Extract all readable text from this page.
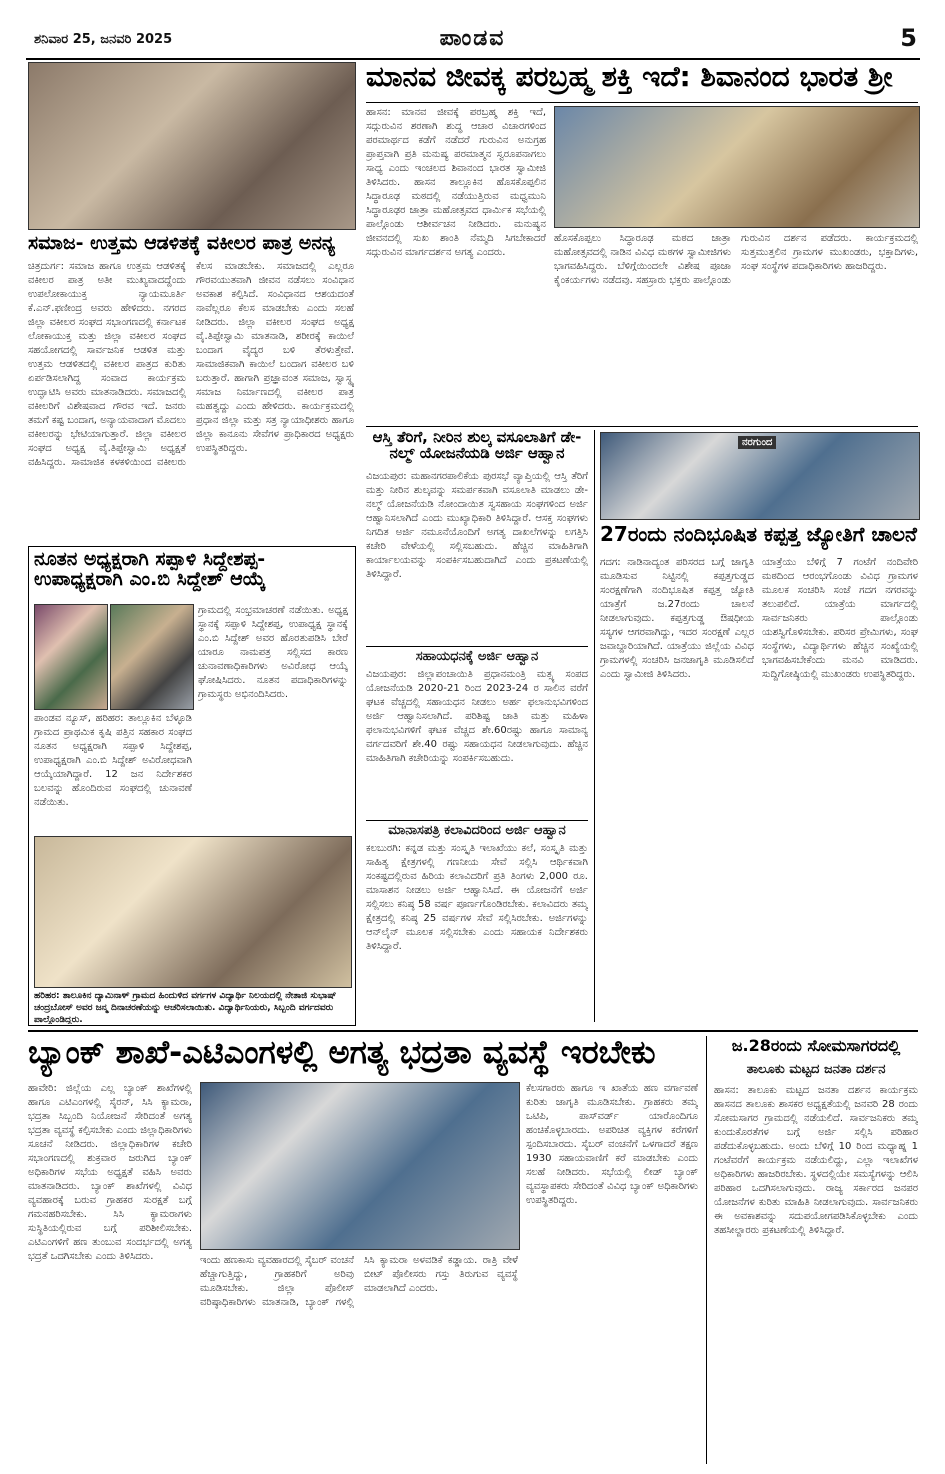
ಶನಿವಾರ 25, ಜನವರಿ 2025	ಪಾಂಡವ	5
ಸಮಾಜ- ಉತ್ತಮ ಆಡಳಿತಕ್ಕೆ ವಕೀಲರ ಪಾತ್ರ ಅನನ್ಯ
ಚಿತ್ರದುರ್ಗ: ಸಮಾಜ ಹಾಗೂ ಉತ್ತಮ ಆಡಳಿತಕ್ಕೆ ವಕೀಲರ ಪಾತ್ರ ಅತೀ ಮುಖ್ಯವಾದದ್ದೆಂದು ಉಪಲೋಕಾಯುಕ್ತ ನ್ಯಾಯಮೂರ್ತಿ ಕೆ.ಎನ್.ಫಣೀಂದ್ರ ಅವರು ಹೇಳಿದರು. ನಗರದ ಜಿಲ್ಲಾ ವಕೀಲರ ಸಂಘದ ಸಭಾಂಗಣದಲ್ಲಿ ಕರ್ನಾಟಕ ಲೋಕಾಯುಕ್ತ ಮತ್ತು ಜಿಲ್ಲಾ ವಕೀಲರ ಸಂಘದ ಸಹಯೋಗದಲ್ಲಿ ಸಾರ್ವಜನಿಕ ಆಡಳಿತ ಮತ್ತು ಉತ್ತಮ ಆಡಳಿತದಲ್ಲಿ ವಕೀಲರ ಪಾತ್ರದ ಕುರಿತು ಏರ್ಪಡಿಸಲಾಗಿದ್ದ ಸಂವಾದ ಕಾರ್ಯಕ್ರಮ ಉದ್ಘಾಟಿಸಿ ಅವರು ಮಾತನಾಡಿದರು. ಸಮಾಜದಲ್ಲಿ ವಕೀಲರಿಗೆ ವಿಶೇಷವಾದ ಗೌರವ ಇದೆ. ಜನರು ತಮಗೆ ಕಷ್ಟ ಬಂದಾಗ, ಅನ್ಯಾಯವಾದಾಗ ಮೊದಲು ವಕೀಲರನ್ನು ಭೇಟಿಯಾಗುತ್ತಾರೆ. ಜಿಲ್ಲಾ ವಕೀಲರ ಸಂಘದ ಅಧ್ಯಕ್ಷ ವೈ.ತಿಪ್ಪೇಸ್ವಾಮಿ ಅಧ್ಯಕ್ಷತೆ ವಹಿಸಿದ್ದರು. ಸಾಮಾಜಿಕ ಕಳಕಳಿಯಿಂದ ವಕೀಲರು ಕೆಲಸ ಮಾಡಬೇಕು. ಸಮಾಜದಲ್ಲಿ ಎಲ್ಲರೂ ಗೌರವಯುತವಾಗಿ ಜೀವನ ನಡೆಸಲು ಸಂವಿಧಾನ ಅವಕಾಶ ಕಲ್ಪಿಸಿದೆ. ಸಂವಿಧಾನದ ಆಶಯದಂತೆ ನಾವೆಲ್ಲರೂ ಕೆಲಸ ಮಾಡಬೇಕು ಎಂದು ಸಲಹೆ ನೀಡಿದರು. ಜಿಲ್ಲಾ ವಕೀಲರ ಸಂಘದ ಅಧ್ಯಕ್ಷ ವೈ.ತಿಪ್ಪೇಸ್ವಾಮಿ ಮಾತನಾಡಿ, ಶರೀರಕ್ಕೆ ಕಾಯಿಲೆ ಬಂದಾಗ ವೈದ್ಯರ ಬಳಿ ತೆರಳುತ್ತೇವೆ. ಸಾಮಾಜಿಕವಾಗಿ ಕಾಯಿಲೆ ಬಂದಾಗ ವಕೀಲರ ಬಳಿ ಬರುತ್ತಾರೆ. ಹಾಗಾಗಿ ಪ್ರಜ್ಞಾವಂತ ಸಮಾಜ, ಸ್ವಾಸ್ಥ್ಯ ಸಮಾಜ ನಿರ್ಮಾಣದಲ್ಲಿ ವಕೀಲರ ಪಾತ್ರ ಮಹತ್ವದ್ದು ಎಂದು ಹೇಳಿದರು. ಕಾರ್ಯಕ್ರಮದಲ್ಲಿ ಪ್ರಧಾನ ಜಿಲ್ಲಾ ಮತ್ತು ಸತ್ರ ನ್ಯಾಯಾಧೀಶರು ಹಾಗೂ ಜಿಲ್ಲಾ ಕಾನೂನು ಸೇವೆಗಳ ಪ್ರಾಧಿಕಾರದ ಅಧ್ಯಕ್ಷರು ಉಪಸ್ಥಿತರಿದ್ದರು.
ಮಾನವ ಜೀವಕ್ಕ ಪರಬ್ರಹ್ಮ ಶಕ್ತಿ ಇದೆ: ಶಿವಾನಂದ ಭಾರತ ಶ್ರೀ
ಹಾಸನ: ಮಾನವ ಜೀವಕ್ಕೆ ಪರಬ್ರಹ್ಮ ಶಕ್ತಿ ಇದೆ, ಸದ್ಗುರುವಿನ ಶರಣಾಗಿ ಶುದ್ಧ ಆಚಾರ ವಿಚಾರಗಳಿಂದ ಪರಮಾರ್ಥದ ಕಡೆಗೆ ನಡೆದರೆ ಗುರುವಿನ ಅನುಗ್ರಹ ಪ್ರಾಪ್ತವಾಗಿ ಪ್ರತಿ ಮನುಷ್ಯ ಪರಮಾತ್ಮನ ಸ್ವರೂಪನಾಗಲು ಸಾಧ್ಯ ಎಂದು ಇಂಚಲದ ಶಿವಾನಂದ ಭಾರತ ಸ್ವಾಮೀಜಿ ತಿಳಿಸಿದರು. ಹಾಸನ ತಾಲ್ಲೂಕಿನ ಹೊಸಕೊಪ್ಪಲಿನ ಸಿದ್ಧಾರೂಢ ಮಠದಲ್ಲಿ ನಡೆಯುತ್ತಿರುವ ಮಧ್ವಮುನಿ ಸಿದ್ಧಾರೂಢರ ಜಾತ್ರಾ ಮಹೋತ್ಸವದ ಧಾರ್ಮಿಕ ಸಭೆಯಲ್ಲಿ ಪಾಲ್ಗೊಂಡು ಆಶೀರ್ವಚನ ನೀಡಿದರು. ಮನುಷ್ಯನ ಜೀವನದಲ್ಲಿ ಸುಖ ಶಾಂತಿ ನೆಮ್ಮದಿ ಸಿಗಬೇಕಾದರೆ ಸದ್ಗುರುವಿನ ಮಾರ್ಗದರ್ಶನ ಅಗತ್ಯ ಎಂದರು.
ಹೊಸಕೊಪ್ಪಲು ಸಿದ್ಧಾರೂಢ ಮಠದ ಜಾತ್ರಾ ಮಹೋತ್ಸವದಲ್ಲಿ ನಾಡಿನ ವಿವಿಧ ಮಠಗಳ ಸ್ವಾಮೀಜಿಗಳು ಭಾಗವಹಿಸಿದ್ದರು. ಬೆಳಿಗ್ಗೆಯಿಂದಲೇ ವಿಶೇಷ ಪೂಜಾ ಕೈಂಕರ್ಯಗಳು ನಡೆದವು. ಸಹಸ್ರಾರು ಭಕ್ತರು ಪಾಲ್ಗೊಂಡು ಗುರುವಿನ ದರ್ಶನ ಪಡೆದರು. ಕಾರ್ಯಕ್ರಮದಲ್ಲಿ ಸುತ್ತಮುತ್ತಲಿನ ಗ್ರಾಮಗಳ ಮುಖಂಡರು, ಭಕ್ತಾದಿಗಳು, ಸಂಘ ಸಂಸ್ಥೆಗಳ ಪದಾಧಿಕಾರಿಗಳು ಹಾಜರಿದ್ದರು.
ಆಸ್ತಿ ತೆರಿಗೆ, ನೀರಿನ ಶುಲ್ಕ ವಸೂಲಾತಿಗೆ ಡೇ-ನಲ್ಮ್ ಯೋಜನೆಯಡಿ ಅರ್ಜಿ ಆಹ್ವಾನ
ವಿಜಯಪುರ: ಮಹಾನಗರಪಾಲಿಕೆಯ ಪುರಸಭೆ ವ್ಯಾಪ್ತಿಯಲ್ಲಿ ಆಸ್ತಿ ತೆರಿಗೆ ಮತ್ತು ನೀರಿನ ಶುಲ್ಕವನ್ನು ಸಮರ್ಪಕವಾಗಿ ವಸೂಲಾತಿ ಮಾಡಲು ಡೇ-ನಲ್ಮ್ ಯೋಜನೆಯಡಿ ನೋಂದಾಯಿತ ಸ್ವಸಹಾಯ ಸಂಘಗಳಿಂದ ಅರ್ಜಿ ಆಹ್ವಾನಿಸಲಾಗಿದೆ ಎಂದು ಮುಖ್ಯಾಧಿಕಾರಿ ತಿಳಿಸಿದ್ದಾರೆ. ಆಸಕ್ತ ಸಂಘಗಳು ನಿಗದಿತ ಅರ್ಜಿ ನಮೂನೆಯೊಂದಿಗೆ ಅಗತ್ಯ ದಾಖಲೆಗಳನ್ನು ಲಗತ್ತಿಸಿ ಕಚೇರಿ ವೇಳೆಯಲ್ಲಿ ಸಲ್ಲಿಸಬಹುದು. ಹೆಚ್ಚಿನ ಮಾಹಿತಿಗಾಗಿ ಕಾರ್ಯಾಲಯವನ್ನು ಸಂಪರ್ಕಿಸಬಹುದಾಗಿದೆ ಎಂದು ಪ್ರಕಟಣೆಯಲ್ಲಿ ತಿಳಿಸಿದ್ದಾರೆ.
ಸಹಾಯಧನಕ್ಕೆ ಅರ್ಜಿ ಆಹ್ವಾನ
ವಿಜಯಪುರ: ಜಿಲ್ಲಾಪಂಚಾಯಿತಿ ಪ್ರಧಾನಮಂತ್ರಿ ಮತ್ಸ್ಯ ಸಂಪದ ಯೋಜನೆಯಡಿ 2020-21 ರಿಂದ 2023-24 ರ ಸಾಲಿನ ವರೆಗೆ ಘಟಕ ವೆಚ್ಚದಲ್ಲಿ ಸಹಾಯಧನ ನೀಡಲು ಅರ್ಹ ಫಲಾನುಭವಿಗಳಿಂದ ಅರ್ಜಿ ಆಹ್ವಾನಿಸಲಾಗಿದೆ. ಪರಿಶಿಷ್ಟ ಜಾತಿ ಮತ್ತು ಮಹಿಳಾ ಫಲಾನುಭವಿಗಳಿಗೆ ಘಟಕ ವೆಚ್ಚದ ಶೇ.60ರಷ್ಟು ಹಾಗೂ ಸಾಮಾನ್ಯ ವರ್ಗದವರಿಗೆ ಶೇ.40 ರಷ್ಟು ಸಹಾಯಧನ ನೀಡಲಾಗುವುದು. ಹೆಚ್ಚಿನ ಮಾಹಿತಿಗಾಗಿ ಕಚೇರಿಯನ್ನು ಸಂಪರ್ಕಿಸಬಹುದು.
ಮಾನಾಸಪತ್ರಿ ಕಲಾವಿದರಿಂದ ಅರ್ಜಿ ಆಹ್ವಾನ
ಕಲಬುರಗಿ: ಕನ್ನಡ ಮತ್ತು ಸಂಸ್ಕೃತಿ ಇಲಾಖೆಯು ಕಲೆ, ಸಂಸ್ಕೃತಿ ಮತ್ತು ಸಾಹಿತ್ಯ ಕ್ಷೇತ್ರಗಳಲ್ಲಿ ಗಣನೀಯ ಸೇವೆ ಸಲ್ಲಿಸಿ ಆರ್ಥಿಕವಾಗಿ ಸಂಕಷ್ಟದಲ್ಲಿರುವ ಹಿರಿಯ ಕಲಾವಿದರಿಗೆ ಪ್ರತಿ ತಿಂಗಳು 2,000 ರೂ. ಮಾಸಾಶನ ನೀಡಲು ಅರ್ಜಿ ಆಹ್ವಾನಿಸಿದೆ. ಈ ಯೋಜನೆಗೆ ಅರ್ಜಿ ಸಲ್ಲಿಸಲು ಕನಿಷ್ಠ 58 ವರ್ಷ ಪೂರ್ಣಗೊಂಡಿರಬೇಕು. ಕಲಾವಿದರು ತಮ್ಮ ಕ್ಷೇತ್ರದಲ್ಲಿ ಕನಿಷ್ಠ 25 ವರ್ಷಗಳ ಸೇವೆ ಸಲ್ಲಿಸಿರಬೇಕು. ಅರ್ಜಿಗಳನ್ನು ಆನ್‌ಲೈನ್ ಮೂಲಕ ಸಲ್ಲಿಸಬೇಕು ಎಂದು ಸಹಾಯಕ ನಿರ್ದೇಶಕರು ತಿಳಿಸಿದ್ದಾರೆ.
ನರಗುಂದ
27ರಂದು ನಂದಿಭೂಷಿತ ಕಪ್ಪತ್ತ ಜ್ಯೋತಿಗೆ ಚಾಲನೆ
ಗದಗ: ನಾಡಿನಾದ್ಯಂತ ಪರಿಸರದ ಬಗ್ಗೆ ಜಾಗೃತಿ ಮೂಡಿಸುವ ನಿಟ್ಟಿನಲ್ಲಿ ಕಪ್ಪತ್ತಗುಡ್ಡದ ಸಂರಕ್ಷಣೆಗಾಗಿ ನಂದಿಭೂಷಿತ ಕಪ್ಪತ್ತ ಜ್ಯೋತಿ ಯಾತ್ರೆಗೆ ಜ.27ರಂದು ಚಾಲನೆ ನೀಡಲಾಗುವುದು. ಕಪ್ಪತ್ತಗುಡ್ಡ ಔಷಧೀಯ ಸಸ್ಯಗಳ ಆಗರವಾಗಿದ್ದು, ಇದರ ಸಂರಕ್ಷಣೆ ಎಲ್ಲರ ಜವಾಬ್ದಾರಿಯಾಗಿದೆ. ಯಾತ್ರೆಯು ಜಿಲ್ಲೆಯ ವಿವಿಧ ಗ್ರಾಮಗಳಲ್ಲಿ ಸಂಚರಿಸಿ ಜನಜಾಗೃತಿ ಮೂಡಿಸಲಿದೆ ಎಂದು ಸ್ವಾಮೀಜಿ ತಿಳಿಸಿದರು.
ಯಾತ್ರೆಯು ಬೆಳಿಗ್ಗೆ 7 ಗಂಟೆಗೆ ನಂದಿವೇರಿ ಮಠದಿಂದ ಆರಂಭಗೊಂಡು ವಿವಿಧ ಗ್ರಾಮಗಳ ಮೂಲಕ ಸಂಚರಿಸಿ ಸಂಜೆ ಗದಗ ನಗರವನ್ನು ತಲುಪಲಿದೆ. ಯಾತ್ರೆಯ ಮಾರ್ಗದಲ್ಲಿ ಸಾರ್ವಜನಿಕರು ಪಾಲ್ಗೊಂಡು ಯಶಸ್ವಿಗೊಳಿಸಬೇಕು. ಪರಿಸರ ಪ್ರೇಮಿಗಳು, ಸಂಘ ಸಂಸ್ಥೆಗಳು, ವಿದ್ಯಾರ್ಥಿಗಳು ಹೆಚ್ಚಿನ ಸಂಖ್ಯೆಯಲ್ಲಿ ಭಾಗವಹಿಸಬೇಕೆಂದು ಮನವಿ ಮಾಡಿದರು. ಸುದ್ದಿಗೋಷ್ಠಿಯಲ್ಲಿ ಮುಖಂಡರು ಉಪಸ್ಥಿತರಿದ್ದರು.
ನೂತನ ಅಧ್ಯಕ್ಷರಾಗಿ ಸಪ್ಪಾಳಿ ಸಿದ್ದೇಶಪ್ಪ- ಉಪಾಧ್ಯಕ್ಷರಾಗಿ ಎಂ.ಬಿ ಸಿದ್ದೇಶ್ ಆಯ್ಕೆ
ಪಾಂಡವ ನ್ಯೂಸ್, ಹರಿಹರ: ತಾಲ್ಲೂಕಿನ ಬೆಳ್ಳೂಡಿ ಗ್ರಾಮದ ಪ್ರಾಥಮಿಕ ಕೃಷಿ ಪತ್ತಿನ ಸಹಕಾರ ಸಂಘದ ನೂತನ ಅಧ್ಯಕ್ಷರಾಗಿ ಸಪ್ಪಾಳಿ ಸಿದ್ದೇಶಪ್ಪ, ಉಪಾಧ್ಯಕ್ಷರಾಗಿ ಎಂ.ಬಿ ಸಿದ್ದೇಶ್ ಅವಿರೋಧವಾಗಿ ಆಯ್ಕೆಯಾಗಿದ್ದಾರೆ. 12 ಜನ ನಿರ್ದೇಶಕರ ಬಲವನ್ನು ಹೊಂದಿರುವ ಸಂಘದಲ್ಲಿ ಚುನಾವಣೆ ನಡೆಯಿತು.
ಗ್ರಾಮದಲ್ಲಿ ಸಂಭ್ರಮಾಚರಣೆ ನಡೆಯಿತು. ಅಧ್ಯಕ್ಷ ಸ್ಥಾನಕ್ಕೆ ಸಪ್ಪಾಳಿ ಸಿದ್ದೇಶಪ್ಪ, ಉಪಾಧ್ಯಕ್ಷ ಸ್ಥಾನಕ್ಕೆ ಎಂ.ಬಿ ಸಿದ್ದೇಶ್ ಅವರ ಹೊರತುಪಡಿಸಿ ಬೇರೆ ಯಾರೂ ನಾಮಪತ್ರ ಸಲ್ಲಿಸದ ಕಾರಣ ಚುನಾವಣಾಧಿಕಾರಿಗಳು ಅವಿರೋಧ ಆಯ್ಕೆ ಘೋಷಿಸಿದರು. ನೂತನ ಪದಾಧಿಕಾರಿಗಳನ್ನು ಗ್ರಾಮಸ್ಥರು ಅಭಿನಂದಿಸಿದರು.
ಹರಿಹರ: ತಾಲೂಕಿನ ದ್ಯಾಮಿನಾಳ್ ಗ್ರಾಮದ ಹಿಂದುಳಿದ ವರ್ಗಗಳ ವಿದ್ಯಾರ್ಥಿ ನಿಲಯದಲ್ಲಿ ನೇತಾಜಿ ಸುಭಾಷ್ ಚಂದ್ರಬೋಸ್ ಅವರ ಜನ್ಮ ದಿನಾಚರಣೆಯನ್ನು ಆಚರಿಸಲಾಯಿತು. ವಿದ್ಯಾರ್ಥಿನಿಯರು, ಸಿಬ್ಬಂದಿ ವರ್ಗದವರು ಪಾಲ್ಗೊಂಡಿದ್ದರು.
ಬ್ಯಾಂಕ್ ಶಾಖೆ-ಎಟಿಎಂಗಳಲ್ಲಿ ಅಗತ್ಯ ಭದ್ರತಾ ವ್ಯವಸ್ಥೆ ಇರಬೇಕು
ಹಾವೇರಿ: ಜಿಲ್ಲೆಯ ಎಲ್ಲ ಬ್ಯಾಂಕ್ ಶಾಖೆಗಳಲ್ಲಿ ಹಾಗೂ ಎಟಿಎಂಗಳಲ್ಲಿ ಸೈರನ್, ಸಿಸಿ ಕ್ಯಾಮರಾ, ಭದ್ರತಾ ಸಿಬ್ಬಂದಿ ನಿಯೋಜನೆ ಸೇರಿದಂತೆ ಅಗತ್ಯ ಭದ್ರತಾ ವ್ಯವಸ್ಥೆ ಕಲ್ಪಿಸಬೇಕು ಎಂದು ಜಿಲ್ಲಾಧಿಕಾರಿಗಳು ಸೂಚನೆ ನೀಡಿದರು. ಜಿಲ್ಲಾಧಿಕಾರಿಗಳ ಕಚೇರಿ ಸಭಾಂಗಣದಲ್ಲಿ ಶುಕ್ರವಾರ ಜರುಗಿದ ಬ್ಯಾಂಕ್ ಅಧಿಕಾರಿಗಳ ಸಭೆಯ ಅಧ್ಯಕ್ಷತೆ ವಹಿಸಿ ಅವರು ಮಾತನಾಡಿದರು. ಬ್ಯಾಂಕ್ ಶಾಖೆಗಳಲ್ಲಿ ವಿವಿಧ ವ್ಯವಹಾರಕ್ಕೆ ಬರುವ ಗ್ರಾಹಕರ ಸುರಕ್ಷತೆ ಬಗ್ಗೆ ಗಮನಹರಿಸಬೇಕು. ಸಿಸಿ ಕ್ಯಾಮರಾಗಳು ಸುಸ್ಥಿತಿಯಲ್ಲಿರುವ ಬಗ್ಗೆ ಪರಿಶೀಲಿಸಬೇಕು. ಎಟಿಎಂಗಳಿಗೆ ಹಣ ತುಂಬುವ ಸಂದರ್ಭದಲ್ಲಿ ಅಗತ್ಯ ಭದ್ರತೆ ಒದಗಿಸಬೇಕು ಎಂದು ತಿಳಿಸಿದರು.	ಇಂದು ಹಣಕಾಸು ವ್ಯವಹಾರದಲ್ಲಿ ಸೈಬರ್ ವಂಚನೆ ಹೆಚ್ಚಾಗುತ್ತಿದ್ದು, ಗ್ರಾಹಕರಿಗೆ ಅರಿವು ಮೂಡಿಸಬೇಕು. ಜಿಲ್ಲಾ ಪೊಲೀಸ್ ವರಿಷ್ಠಾಧಿಕಾರಿಗಳು ಮಾತನಾಡಿ, ಬ್ಯಾಂಕ್ ಗಳಲ್ಲಿ ಸಿಸಿ ಕ್ಯಾಮರಾ ಅಳವಡಿಕೆ ಕಡ್ಡಾಯ. ರಾತ್ರಿ ವೇಳೆ ಬೀಟ್ ಪೊಲೀಸರು ಗಸ್ತು ತಿರುಗುವ ವ್ಯವಸ್ಥೆ ಮಾಡಲಾಗಿದೆ ಎಂದರು.
ಕೆಲಸಗಾರರು ಹಾಗೂ ಇ ಖಾತೆಯ ಹಣ ವರ್ಗಾವಣೆ ಕುರಿತು ಜಾಗೃತಿ ಮೂಡಿಸಬೇಕು. ಗ್ರಾಹಕರು ತಮ್ಮ ಒಟಿಪಿ, ಪಾಸ್‌ವರ್ಡ್ ಯಾರೊಂದಿಗೂ ಹಂಚಿಕೊಳ್ಳಬಾರದು. ಅಪರಿಚಿತ ವ್ಯಕ್ತಿಗಳ ಕರೆಗಳಿಗೆ ಸ್ಪಂದಿಸಬಾರದು. ಸೈಬರ್ ವಂಚನೆಗೆ ಒಳಗಾದರೆ ತಕ್ಷಣ 1930 ಸಹಾಯವಾಣಿಗೆ ಕರೆ ಮಾಡಬೇಕು ಎಂದು ಸಲಹೆ ನೀಡಿದರು. ಸಭೆಯಲ್ಲಿ ಲೀಡ್ ಬ್ಯಾಂಕ್ ವ್ಯವಸ್ಥಾಪಕರು ಸೇರಿದಂತೆ ವಿವಿಧ ಬ್ಯಾಂಕ್ ಅಧಿಕಾರಿಗಳು ಉಪಸ್ಥಿತರಿದ್ದರು.
ಜ.28ರಂದು ಸೋಮಸಾಗರದಲ್ಲಿ
ತಾಲೂಕು ಮಟ್ಟದ ಜನತಾ ದರ್ಶನ
ಹಾಸನ: ತಾಲೂಕು ಮಟ್ಟದ ಜನತಾ ದರ್ಶನ ಕಾರ್ಯಕ್ರಮ ಹಾಸನದ ತಾಲೂಕು ಶಾಸಕರ ಅಧ್ಯಕ್ಷತೆಯಲ್ಲಿ ಜನವರಿ 28 ರಂದು ಸೋಮಸಾಗರ ಗ್ರಾಮದಲ್ಲಿ ನಡೆಯಲಿದೆ. ಸಾರ್ವಜನಿಕರು ತಮ್ಮ ಕುಂದುಕೊರತೆಗಳ ಬಗ್ಗೆ ಅರ್ಜಿ ಸಲ್ಲಿಸಿ ಪರಿಹಾರ ಪಡೆದುಕೊಳ್ಳಬಹುದು. ಅಂದು ಬೆಳಿಗ್ಗೆ 10 ರಿಂದ ಮಧ್ಯಾಹ್ನ 1 ಗಂಟೆವರೆಗೆ ಕಾರ್ಯಕ್ರಮ ನಡೆಯಲಿದ್ದು, ಎಲ್ಲಾ ಇಲಾಖೆಗಳ ಅಧಿಕಾರಿಗಳು ಹಾಜರಿರಬೇಕು. ಸ್ಥಳದಲ್ಲಿಯೇ ಸಮಸ್ಯೆಗಳನ್ನು ಆಲಿಸಿ ಪರಿಹಾರ ಒದಗಿಸಲಾಗುವುದು. ರಾಜ್ಯ ಸರ್ಕಾರದ ಜನಪರ ಯೋಜನೆಗಳ ಕುರಿತು ಮಾಹಿತಿ ನೀಡಲಾಗುವುದು. ಸಾರ್ವಜನಿಕರು ಈ ಅವಕಾಶವನ್ನು ಸದುಪಯೋಗಪಡಿಸಿಕೊಳ್ಳಬೇಕು ಎಂದು ತಹಸೀಲ್ದಾರರು ಪ್ರಕಟಣೆಯಲ್ಲಿ ತಿಳಿಸಿದ್ದಾರೆ.
